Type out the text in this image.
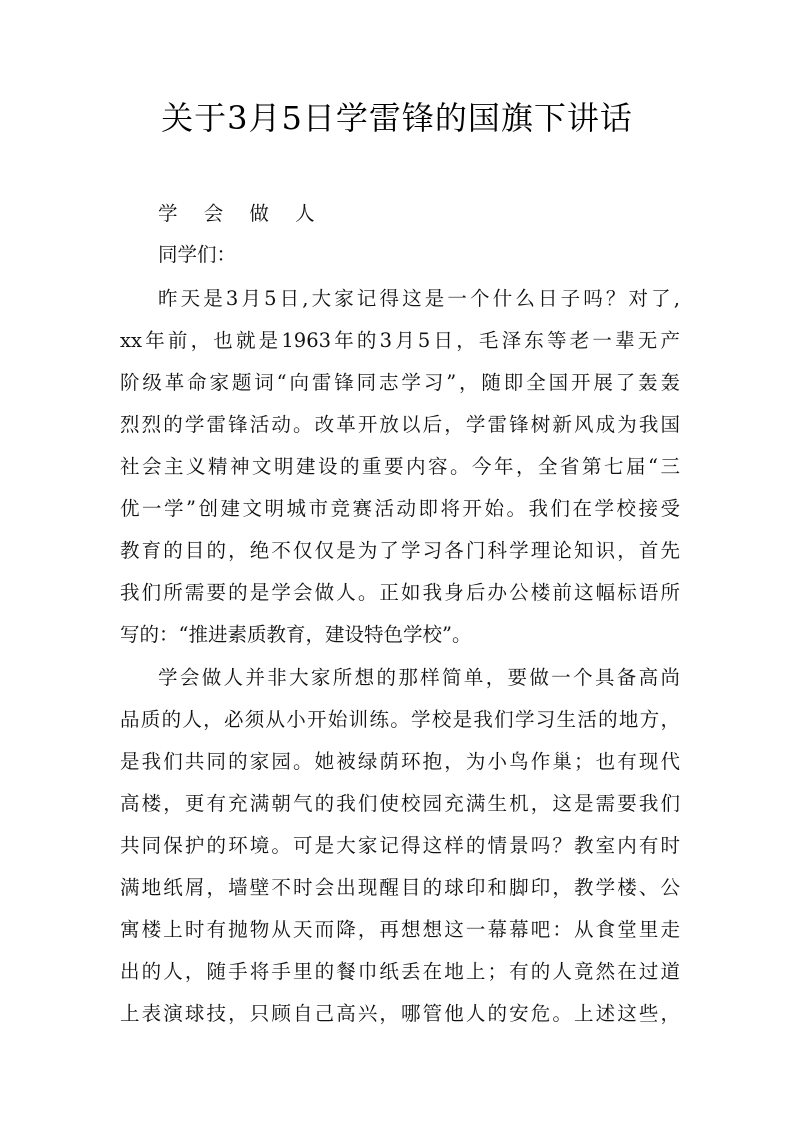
关于3月5日学雷锋的国旗下讲话
学 会 做 人
同学们：
昨天是3月5日,大家记得这是一个什么日子吗？对了,
xx年前，也就是1963年的3月5日，毛泽东等老一辈无产
阶级革命家题词“向雷锋同志学习”，随即全国开展了轰轰
烈烈的学雷锋活动。改革开放以后，学雷锋树新风成为我国
社会主义精神文明建设的重要内容。今年，全省第七届“三
优一学”创建文明城市竞赛活动即将开始。我们在学校接受
教育的目的，绝不仅仅是为了学习各门科学理论知识，首先
我们所需要的是学会做人。正如我身后办公楼前这幅标语所
写的：“推进素质教育，建设特色学校”。
学会做人并非大家所想的那样简单，要做一个具备高尚
品质的人，必须从小开始训练。学校是我们学习生活的地方，
是我们共同的家园。她被绿荫环抱，为小鸟作巢；也有现代
高楼，更有充满朝气的我们使校园充满生机，这是需要我们
共同保护的环境。可是大家记得这样的情景吗？教室内有时
满地纸屑，墙壁不时会出现醒目的球印和脚印，教学楼、公
寓楼上时有抛物从天而降，再想想这一幕幕吧：从食堂里走
出的人，随手将手里的餐巾纸丢在地上；有的人竟然在过道
上表演球技，只顾自己高兴，哪管他人的安危。上述这些，
